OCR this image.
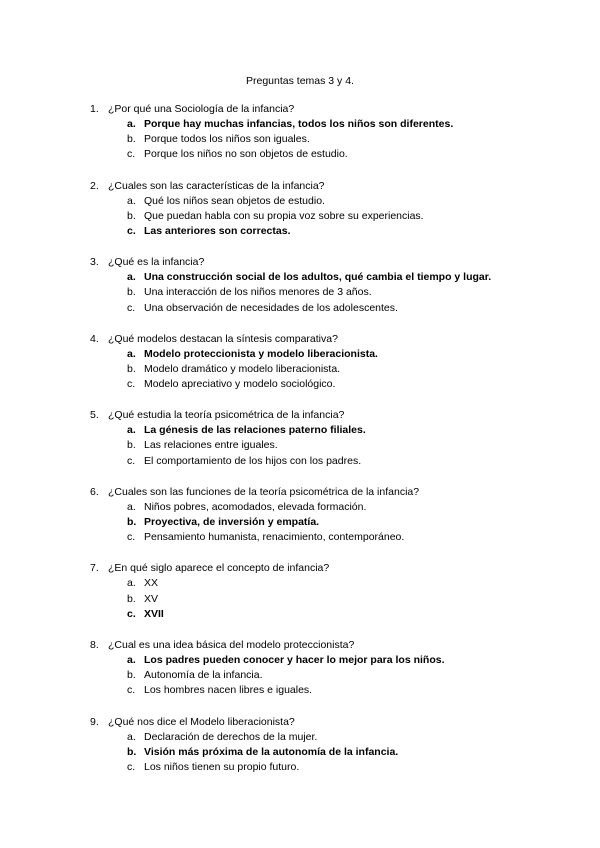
Preguntas temas 3 y 4.
1. ¿Por qué una Sociología de la infancia?
a. Porque hay muchas infancias, todos los niños son diferentes.
b. Porque todos los niños son iguales.
c. Porque los niños no son objetos de estudio.
2. ¿Cuales son las características de la infancia?
a. Qué los niños sean objetos de estudio.
b. Que puedan habla con su propia voz sobre su experiencias.
c. Las anteriores son correctas.
3. ¿Qué es la infancia?
a. Una construcción social de los adultos, qué cambia el tiempo y lugar.
b. Una interacción de los niños menores de 3 años.
c. Una observación de necesidades de los adolescentes.
4. ¿Qué modelos destacan la síntesis comparativa?
a. Modelo proteccionista y modelo liberacionista.
b. Modelo dramático y modelo liberacionista.
c. Modelo apreciativo y modelo sociológico.
5. ¿Qué estudia la teoría psicométrica de la infancia?
a. La génesis de las relaciones paterno filiales.
b. Las relaciones entre iguales.
c. El comportamiento de los hijos con los padres.
6. ¿Cuales son las funciones de la teoría psicométrica de la infancia?
a. Niños pobres, acomodados, elevada formación.
b. Proyectiva, de inversión y empatía.
c. Pensamiento humanista, renacimiento, contemporáneo.
7. ¿En qué siglo aparece el concepto de infancia?
a. XX
b. XV
c. XVII
8. ¿Cual es una idea básica del modelo proteccionista?
a. Los padres pueden conocer y hacer lo mejor para los niños.
b. Autonomía de la infancia.
c. Los hombres nacen libres e iguales.
9. ¿Qué nos dice el Modelo liberacionista?
a. Declaración de derechos de la mujer.
b. Visión más próxima de la autonomía de la infancia.
c. Los niños tienen su propio futuro.
